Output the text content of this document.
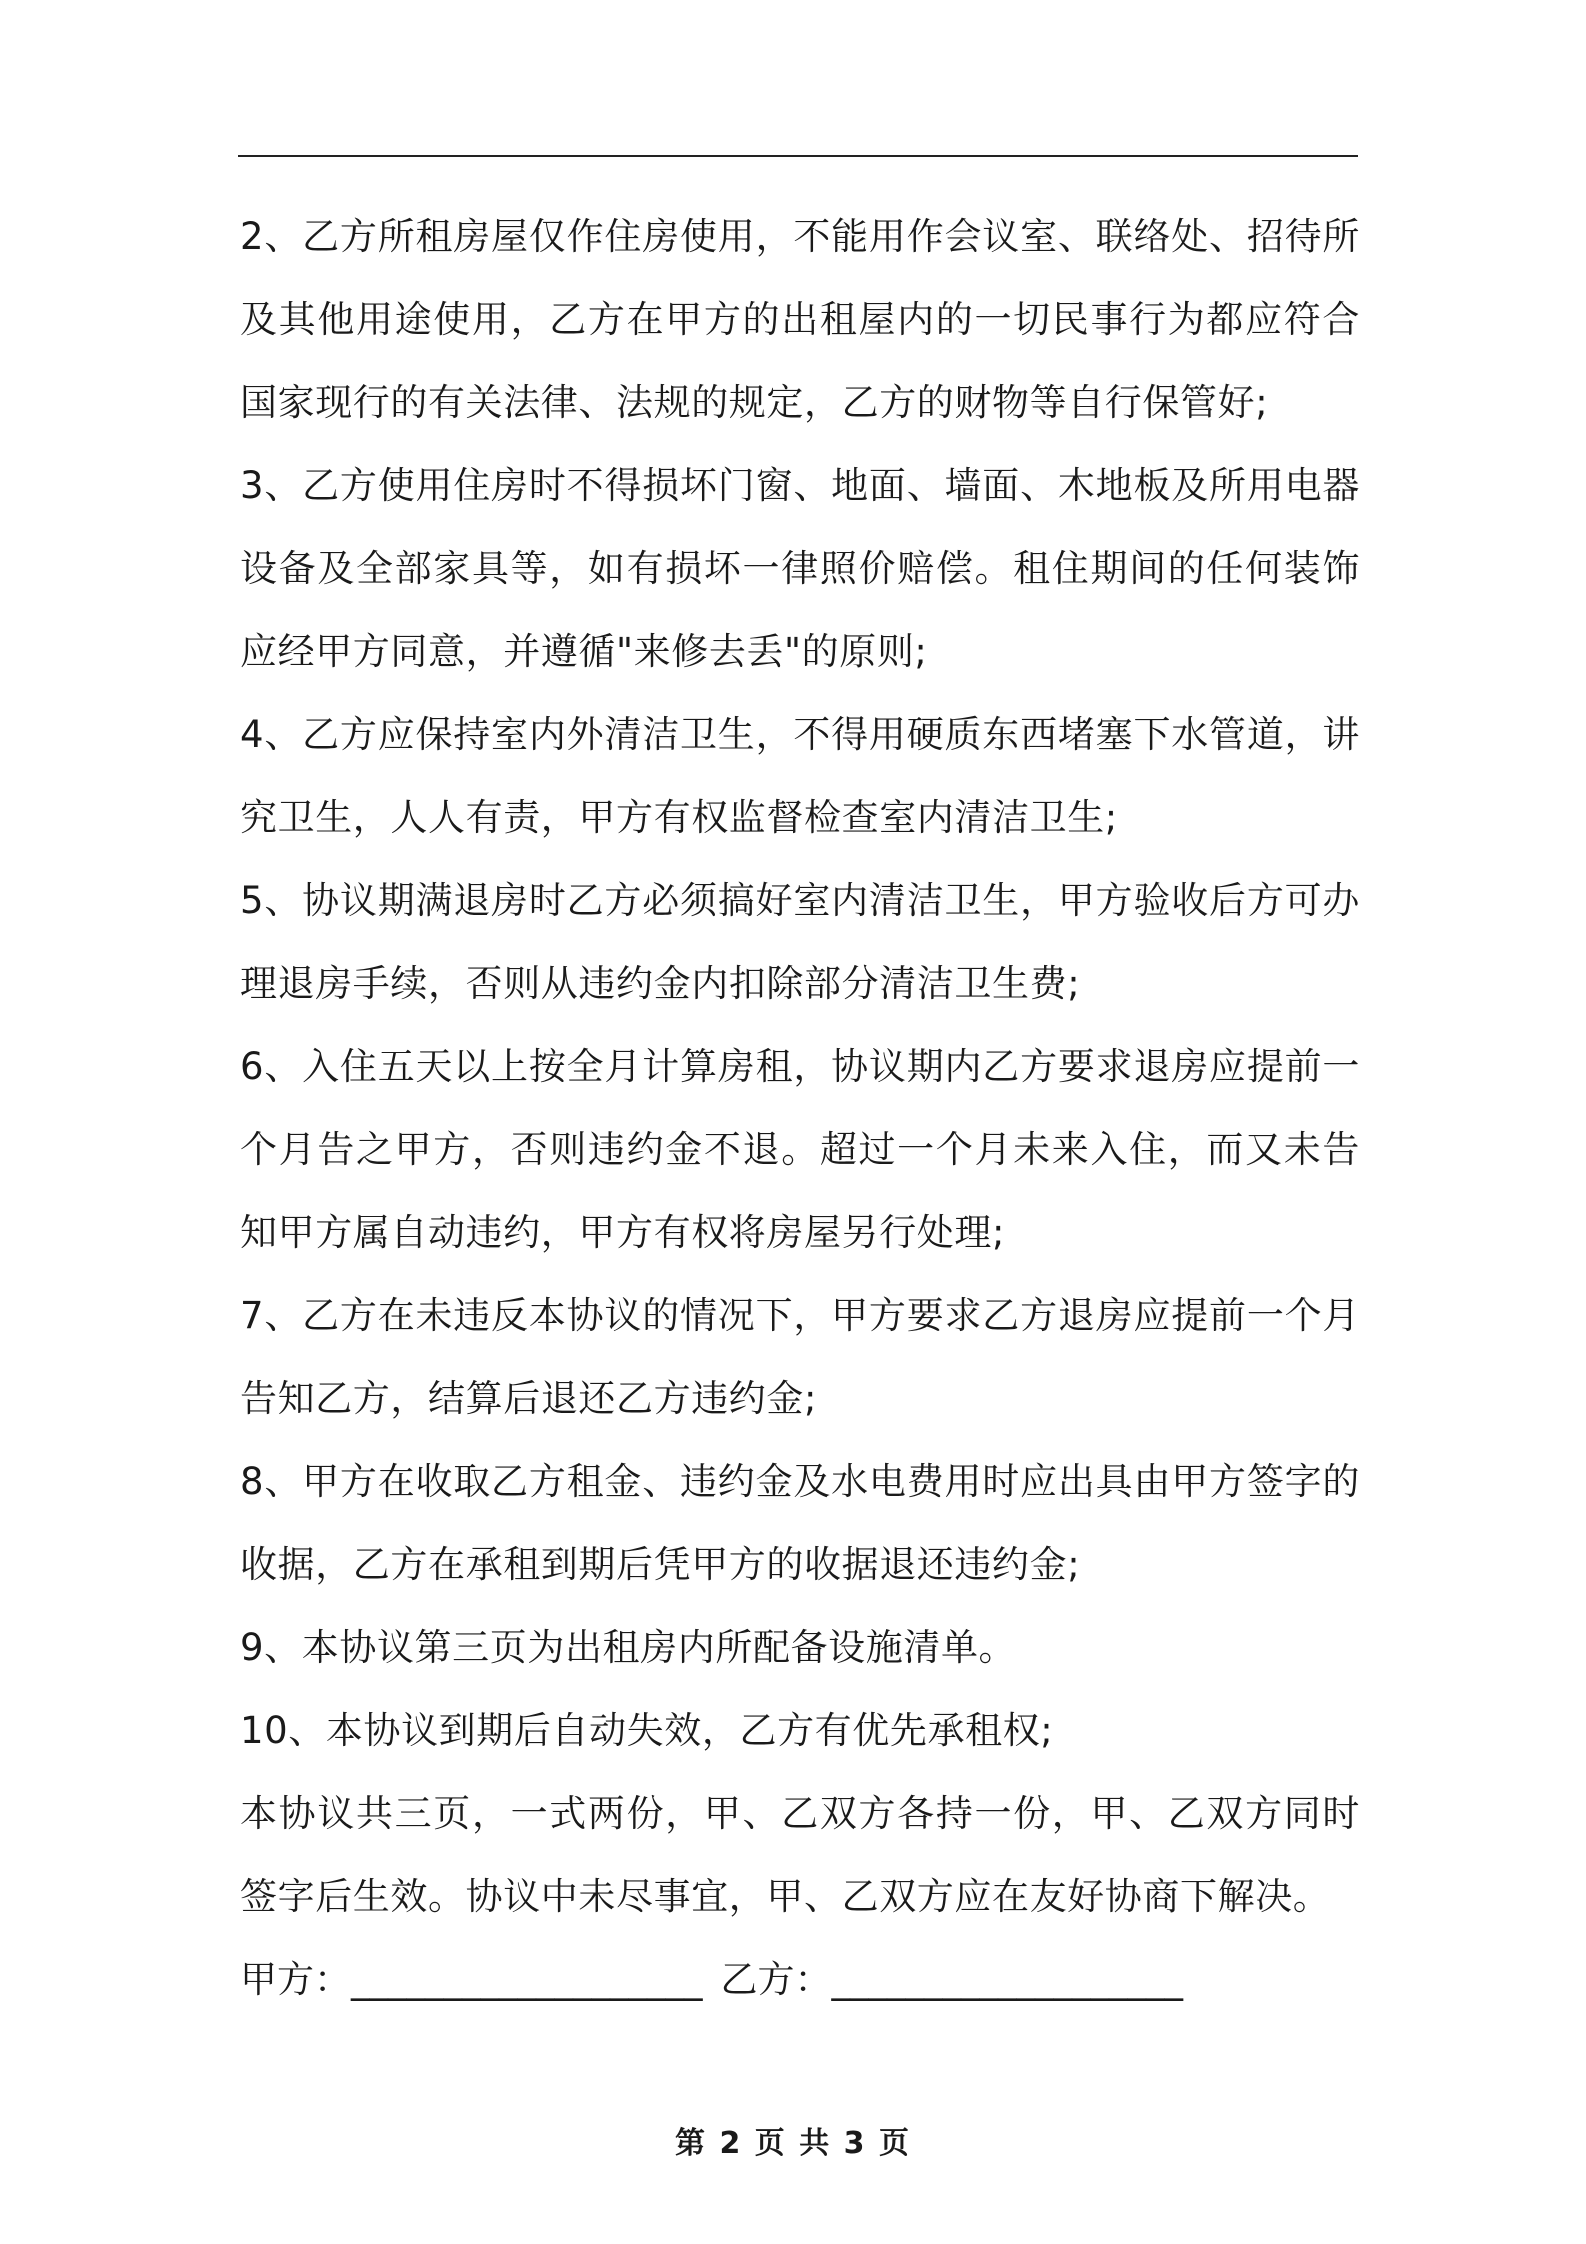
2、乙方所租房屋仅作住房使用，不能用作会议室、联络处、招待所及其他用途使用，乙方在甲方的出租屋内的一切民事行为都应符合国家现行的有关法律、法规的规定，乙方的财物等自行保管好;

3、乙方使用住房时不得损坏门窗、地面、墙面、木地板及所用电器设备及全部家具等，如有损坏一律照价赔偿。租住期间的任何装饰应经甲方同意，并遵循"来修去丢"的原则;

4、乙方应保持室内外清洁卫生，不得用硬质东西堵塞下水管道，讲究卫生，人人有责，甲方有权监督检查室内清洁卫生;

5、协议期满退房时乙方必须搞好室内清洁卫生，甲方验收后方可办理退房手续，否则从违约金内扣除部分清洁卫生费;

6、入住五天以上按全月计算房租，协议期内乙方要求退房应提前一个月告之甲方，否则违约金不退。超过一个月未来入住，而又未告知甲方属自动违约，甲方有权将房屋另行处理;

7、乙方在未违反本协议的情况下，甲方要求乙方退房应提前一个月告知乙方，结算后退还乙方违约金;

8、甲方在收取乙方租金、违约金及水电费用时应出具由甲方签字的收据，乙方在承租到期后凭甲方的收据退还违约金;

9、本协议第三页为出租房内所配备设施清单。

10、本协议到期后自动失效，乙方有优先承租权;

本协议共三页，一式两份，甲、乙双方各持一份，甲、乙双方同时签字后生效。协议中未尽事宜，甲、乙双方应在友好协商下解决。

甲方：___________________ 乙方：___________________

第 2 页 共 3 页
